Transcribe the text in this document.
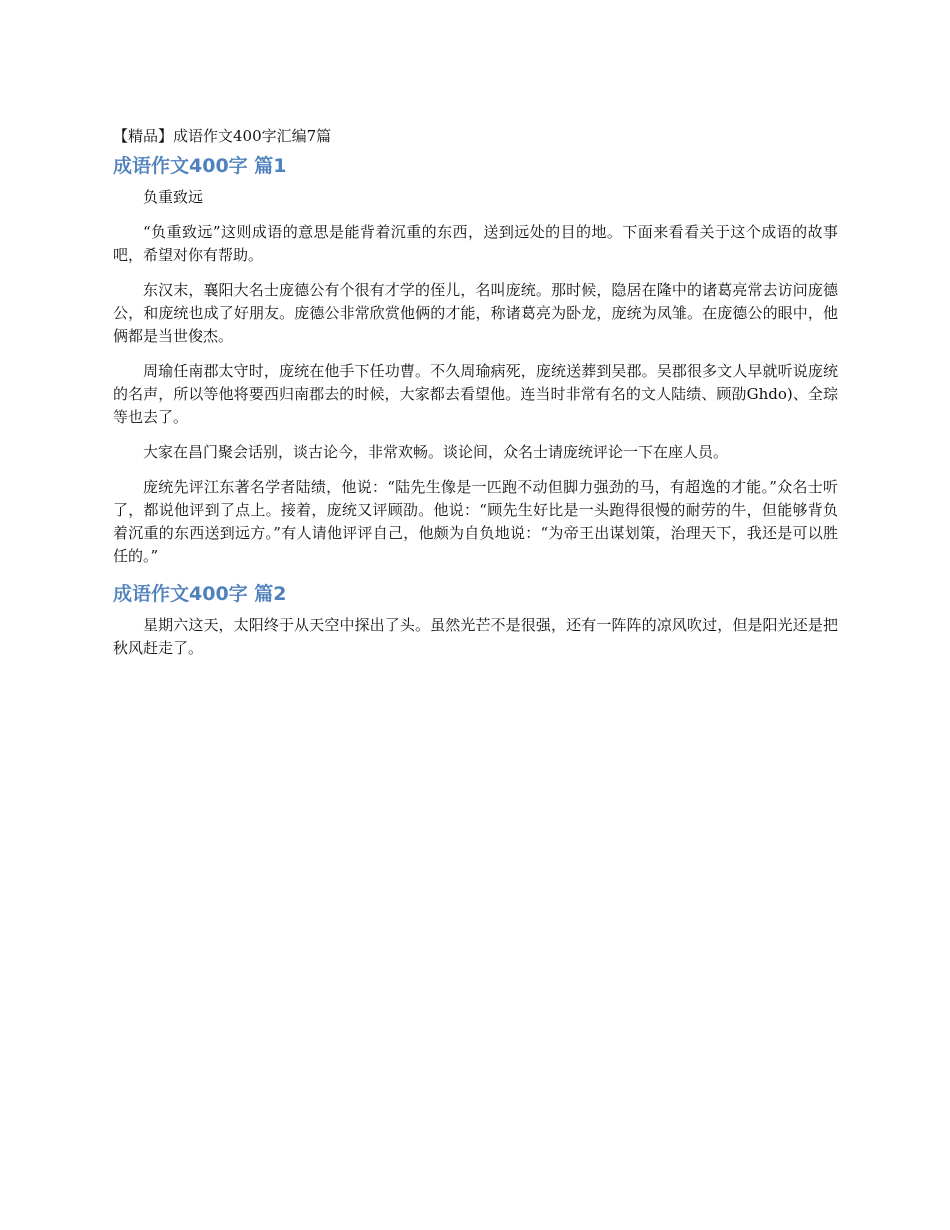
【精品】成语作文400字汇编7篇
成语作文400字 篇1

负重致远

“负重致远”这则成语的意思是能背着沉重的东西，送到远处的目的地。下面来看看关于这个成语的故事吧，希望对你有帮助。

东汉末，襄阳大名士庞德公有个很有才学的侄儿，名叫庞统。那时候，隐居在隆中的诸葛亮常去访问庞德公，和庞统也成了好朋友。庞德公非常欣赏他俩的才能，称诸葛亮为卧龙，庞统为凤雏。在庞德公的眼中，他俩都是当世俊杰。

周瑜任南郡太守时，庞统在他手下任功曹。不久周瑜病死，庞统送葬到吴郡。吴郡很多文人早就听说庞统的名声，所以等他将要西归南郡去的时候，大家都去看望他。连当时非常有名的文人陆绩、顾劭Ghdo)、全琮等也去了。

大家在昌门聚会话别，谈古论今，非常欢畅。谈论间，众名士请庞统评论一下在座人员。

庞统先评江东著名学者陆绩，他说：“陆先生像是一匹跑不动但脚力强劲的马，有超逸的才能。”众名士听了，都说他评到了点上。接着，庞统又评顾劭。他说：“顾先生好比是一头跑得很慢的耐劳的牛，但能够背负着沉重的东西送到远方。”有人请他评评自己，他颇为自负地说：“为帝王出谋划策，治理天下，我还是可以胜任的。”

成语作文400字 篇2

星期六这天，太阳终于从天空中探出了头。虽然光芒不是很强，还有一阵阵的凉风吹过，但是阳光还是把秋风赶走了。
